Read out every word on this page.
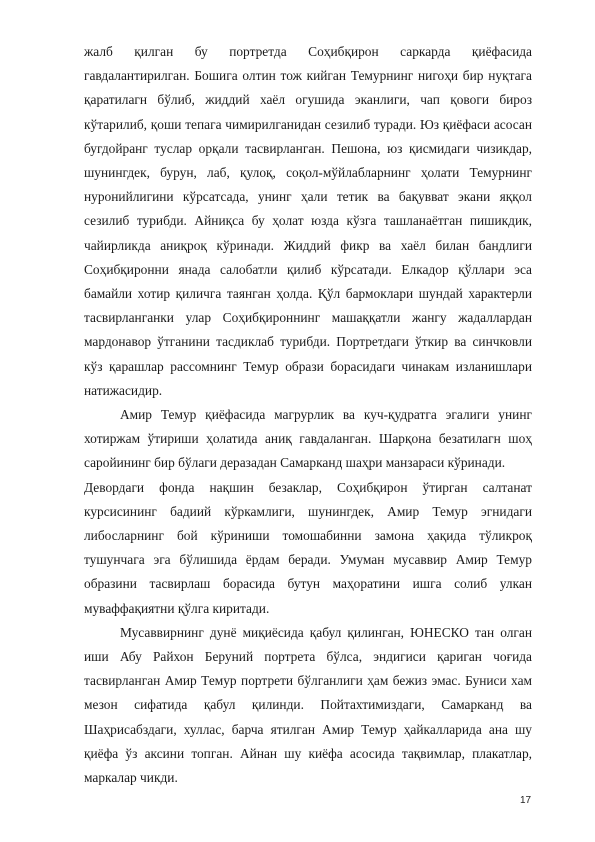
жалб қилган бу портретда Соҳибқирон саркарда қиёфасида гавдалантирилган. Бошига олтин тож кийган Темурнинг нигоҳи бир нуқтага қаратилагн бўлиб, жиддий хаёл огушида эканлиги, чап қовоги бироз кўтарилиб, қоши тепага чимирилганидан сезилиб туради. Юз қиёфаси асосан бугдойранг туслар орқали тасвирланган. Пешона, юз қисмидаги чизикдар, шунингдек, бурун, лаб, қулоқ, соқол-мўйлабларнинг ҳолати Темурнинг нуронийлигини кўрсатсада, унинг ҳали тетик ва бақувват экани яққол сезилиб турибди. Айниқса бу ҳолат юзда кўзга ташланаётган пишикдик, чайирликда аниқроқ кўринади. Жиддий фикр ва хаёл билан бандлиги Соҳибқиронни янада салобатли қилиб кўрсатади. Елкадор қўллари эса бамайли хотир қиличга таянган ҳолда. Қўл бармоклари шундай характерли тасвирланганки улар Соҳибқироннинг машаққатли жангу жадаллардан мардонавор ўтганини тасдиклаб турибди. Портретдаги ўткир ва синчковли кўз қарашлар рассомнинг Темур образи борасидаги чинакам изланишлари натижасидир.

Амир Темур қиёфасида магрурлик ва куч-қудратга эгалиги унинг хотиржам ўтириши ҳолатида аниқ гавдаланган. Шарқона безатилагн шоҳ саройининг бир бўлаги деразадан Самарканд шаҳри манзараси кўринади.

Девордаги фонда нақшин безаклар, Соҳибқирон ўтирган салтанат курсисининг бадиий кўркамлиги, шунингдек, Амир Темур эгнидаги либосларнинг бой кўриниши томошабинни замона ҳақида тўликроқ тушунчага эга бўлишида ёрдам беради. Умуман мусаввир Амир Темур образини тасвирлаш борасида бутун маҳоратини ишга солиб улкан муваффақиятни қўлга киритади.

Мусаввирнинг дунё миқиёсида қабул қилинган, ЮНЕСКО тан олган иши Абу Райхон Беруний портрета бўлса, эндигиси қариган чоғида тасвирланган Амир Темур портрети бўлганлиги ҳам бежиз эмас. Буниси хам мезон сифатида қабул қилинди. Пойтахтимиздаги, Самарканд ва Шаҳрисабздаги, хуллас, барча ятилган Амир Темур ҳайкалларида ана шу қиёфа ўз аксини топган. Айнан шу киёфа асосида тақвимлар, плакатлар, маркалар чикди.

17
